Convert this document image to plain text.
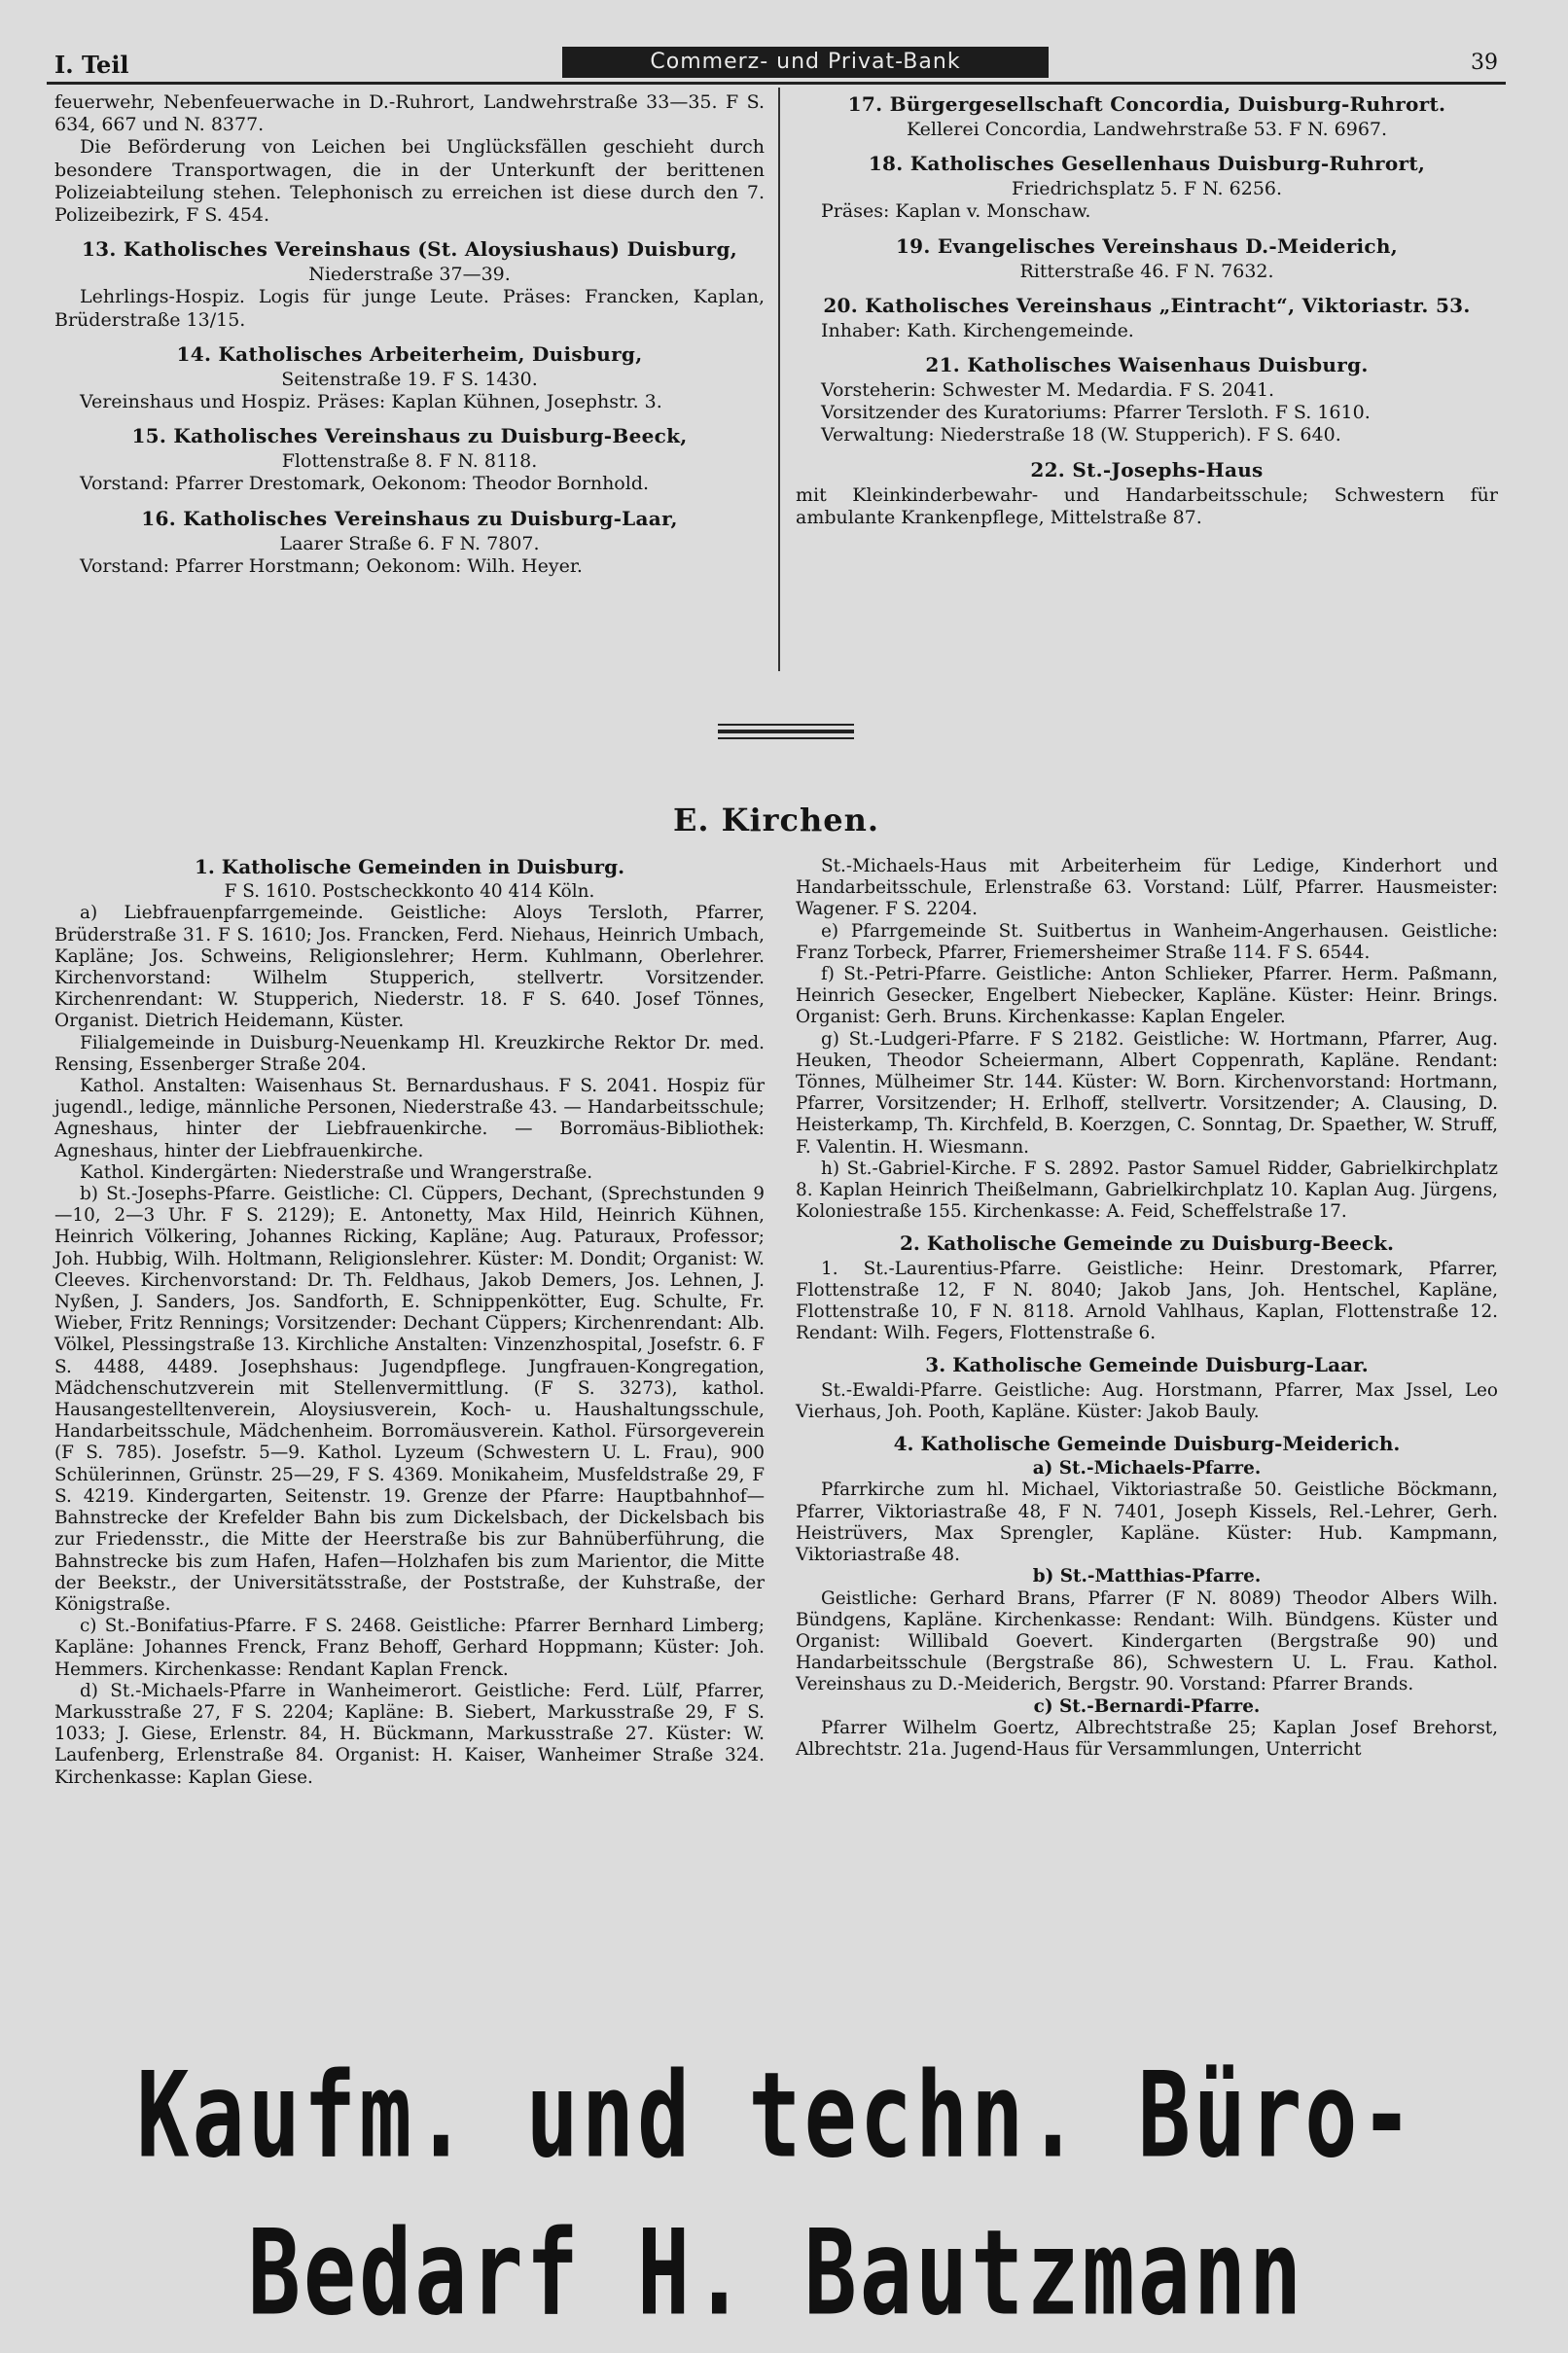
I. Teil	Commerz- und Privat-Bank	39

feuerwehr, Nebenfeuerwache in D.-Ruhrort, Landwehrstraße 33—35. F S. 634, 667 und N. 8377.

Die Beförderung von Leichen bei Unglücksfällen geschieht durch besondere Transportwagen, die in der Unterkunft der berittenen Polizeiabteilung stehen. Telephonisch zu erreichen ist diese durch den 7. Polizeibezirk, F S. 454.

13. Katholisches Vereinshaus (St. Aloysiushaus) Duisburg,
Niederstraße 37—39.

Lehrlings-Hospiz. Logis für junge Leute. Präses: Francken, Kaplan, Brüderstraße 13/15.

14. Katholisches Arbeiterheim, Duisburg,
Seitenstraße 19. F S. 1430.

Vereinshaus und Hospiz. Präses: Kaplan Kühnen, Josephstr. 3.

15. Katholisches Vereinshaus zu Duisburg-Beeck,
Flottenstraße 8. F N. 8118.

Vorstand: Pfarrer Drestomark, Oekonom: Theodor Bornhold.

16. Katholisches Vereinshaus zu Duisburg-Laar,
Laarer Straße 6. F N. 7807.

Vorstand: Pfarrer Horstmann; Oekonom: Wilh. Heyer.

17. Bürgergesellschaft Concordia, Duisburg-Ruhrort.
Kellerei Concordia, Landwehrstraße 53. F N. 6967.
18. Katholisches Gesellenhaus Duisburg-Ruhrort,
Friedrichsplatz 5. F N. 6256.

Präses: Kaplan v. Monschaw.

19. Evangelisches Vereinshaus D.-Meiderich,
Ritterstraße 46. F N. 7632.
20. Katholisches Vereinshaus „Eintracht“, Viktoriastr. 53.

Inhaber: Kath. Kirchengemeinde.

21. Katholisches Waisenhaus Duisburg.

Vorsteherin: Schwester M. Medardia. F S. 2041.

Vorsitzender des Kuratoriums: Pfarrer Tersloth. F S. 1610.

Verwaltung: Niederstraße 18 (W. Stupperich). F S. 640.

22. St.-Josephs-Haus

mit Kleinkinderbewahr- und Handarbeitsschule; Schwestern für ambulante Krankenpflege, Mittelstraße 87.

E. Kirchen.
1. Katholische Gemeinden in Duisburg.
F S. 1610. Postscheckkonto 40 414 Köln.

a) Liebfrauenpfarrgemeinde. Geistliche: Aloys Tersloth, Pfarrer, Brüderstraße 31. F S. 1610; Jos. Francken, Ferd. Niehaus, Heinrich Umbach, Kapläne; Jos. Schweins, Religionslehrer; Herm. Kuhlmann, Oberlehrer. Kirchenvorstand: Wilhelm Stupperich, stellvertr. Vorsitzender. Kirchenrendant: W. Stupperich, Niederstr. 18. F S. 640. Josef Tönnes, Organist. Dietrich Heidemann, Küster.

Filialgemeinde in Duisburg-Neuenkamp Hl. Kreuzkirche Rektor Dr. med. Rensing, Essenberger Straße 204.

Kathol. Anstalten: Waisenhaus St. Bernardushaus. F S. 2041. Hospiz für jugendl., ledige, männliche Personen, Niederstraße 43. — Handarbeitsschule; Agneshaus, hinter der Liebfrauenkirche. — Borromäus-Bibliothek: Agneshaus, hinter der Liebfrauenkirche.

Kathol. Kindergärten: Niederstraße und Wrangerstraße.

b) St.-Josephs-Pfarre. Geistliche: Cl. Cüppers, Dechant, (Sprechstunden 9—10, 2—3 Uhr. F S. 2129); E. Antonetty, Max Hild, Heinrich Kühnen, Heinrich Völkering, Johannes Ricking, Kapläne; Aug. Paturaux, Professor; Joh. Hubbig, Wilh. Holtmann, Religionslehrer. Küster: M. Dondit; Organist: W. Cleeves. Kirchenvorstand: Dr. Th. Feldhaus, Jakob Demers, Jos. Lehnen, J. Nyßen, J. Sanders, Jos. Sandforth, E. Schnippenkötter, Eug. Schulte, Fr. Wieber, Fritz Rennings; Vorsitzender: Dechant Cüppers; Kirchenrendant: Alb. Völkel, Plessingstraße 13. Kirchliche Anstalten: Vinzenzhospital, Josefstr. 6. F S. 4488, 4489. Josephshaus: Jugendpflege. Jungfrauen-Kongregation, Mädchenschutzverein mit Stellenvermittlung. (F S. 3273), kathol. Hausangestelltenverein, Aloysiusverein, Koch- u. Haushaltungsschule, Handarbeitsschule, Mädchenheim. Borromäusverein. Kathol. Fürsorgeverein (F S. 785). Josefstr. 5—9. Kathol. Lyzeum (Schwestern U. L. Frau), 900 Schülerinnen, Grünstr. 25—29, F S. 4369. Monikaheim, Musfeldstraße 29, F S. 4219. Kindergarten, Seitenstr. 19. Grenze der Pfarre: Hauptbahnhof—Bahnstrecke der Krefelder Bahn bis zum Dickelsbach, der Dickelsbach bis zur Friedensstr., die Mitte der Heerstraße bis zur Bahnüberführung, die Bahnstrecke bis zum Hafen, Hafen—Holzhafen bis zum Marientor, die Mitte der Beekstr., der Universitätsstraße, der Poststraße, der Kuhstraße, der Königstraße.

c) St.-Bonifatius-Pfarre. F S. 2468. Geistliche: Pfarrer Bernhard Limberg; Kapläne: Johannes Frenck, Franz Behoff, Gerhard Hoppmann; Küster: Joh. Hemmers. Kirchenkasse: Rendant Kaplan Frenck.

d) St.-Michaels-Pfarre in Wanheimerort. Geistliche: Ferd. Lülf, Pfarrer, Markusstraße 27, F S. 2204; Kapläne: B. Siebert, Markusstraße 29, F S. 1033; J. Giese, Erlenstr. 84, H. Bückmann, Markusstraße 27. Küster: W. Laufenberg, Erlenstraße 84. Organist: H. Kaiser, Wanheimer Straße 324. Kirchenkasse: Kaplan Giese.

St.-Michaels-Haus mit Arbeiterheim für Ledige, Kinderhort und Handarbeitsschule, Erlenstraße 63. Vorstand: Lülf, Pfarrer. Hausmeister: Wagener. F S. 2204.

e) Pfarrgemeinde St. Suitbertus in Wanheim-Angerhausen. Geistliche: Franz Torbeck, Pfarrer, Friemersheimer Straße 114. F S. 6544.

f) St.-Petri-Pfarre. Geistliche: Anton Schlieker, Pfarrer. Herm. Paßmann, Heinrich Gesecker, Engelbert Niebecker, Kapläne. Küster: Heinr. Brings. Organist: Gerh. Bruns. Kirchenkasse: Kaplan Engeler.

g) St.-Ludgeri-Pfarre. F S 2182. Geistliche: W. Hortmann, Pfarrer, Aug. Heuken, Theodor Scheiermann, Albert Coppenrath, Kapläne. Rendant: Tönnes, Mülheimer Str. 144. Küster: W. Born. Kirchenvorstand: Hortmann, Pfarrer, Vorsitzender; H. Erlhoff, stellvertr. Vorsitzender; A. Clausing, D. Heisterkamp, Th. Kirchfeld, B. Koerzgen, C. Sonntag, Dr. Spaether, W. Struff, F. Valentin. H. Wiesmann.

h) St.-Gabriel-Kirche. F S. 2892. Pastor Samuel Ridder, Gabrielkirchplatz 8. Kaplan Heinrich Theißelmann, Gabrielkirchplatz 10. Kaplan Aug. Jürgens, Koloniestraße 155. Kirchenkasse: A. Feid, Scheffelstraße 17.

2. Katholische Gemeinde zu Duisburg-Beeck.

1. St.-Laurentius-Pfarre. Geistliche: Heinr. Drestomark, Pfarrer, Flottenstraße 12, F N. 8040; Jakob Jans, Joh. Hentschel, Kapläne, Flottenstraße 10, F N. 8118. Arnold Vahlhaus, Kaplan, Flottenstraße 12. Rendant: Wilh. Fegers, Flottenstraße 6.

3. Katholische Gemeinde Duisburg-Laar.

St.-Ewaldi-Pfarre. Geistliche: Aug. Horstmann, Pfarrer, Max Jssel, Leo Vierhaus, Joh. Pooth, Kapläne. Küster: Jakob Bauly.

4. Katholische Gemeinde Duisburg-Meiderich.
a) St.-Michaels-Pfarre.

Pfarrkirche zum hl. Michael, Viktoriastraße 50. Geistliche Böckmann, Pfarrer, Viktoriastraße 48, F N. 7401, Joseph Kissels, Rel.-Lehrer, Gerh. Heistrüvers, Max Sprengler, Kapläne. Küster: Hub. Kampmann, Viktoriastraße 48.

b) St.-Matthias-Pfarre.

Geistliche: Gerhard Brans, Pfarrer (F N. 8089) Theodor Albers Wilh. Bündgens, Kapläne. Kirchenkasse: Rendant: Wilh. Bündgens. Küster und Organist: Willibald Goevert. Kindergarten (Bergstraße 90) und Handarbeitsschule (Bergstraße 86), Schwestern U. L. Frau. Kathol. Vereinshaus zu D.-Meiderich, Bergstr. 90. Vorstand: Pfarrer Brands.

c) St.-Bernardi-Pfarre.

Pfarrer Wilhelm Goertz, Albrechtstraße 25; Kaplan Josef Brehorst, Albrechtstr. 21a. Jugend-Haus für Versammlungen, Unterricht

Kaufm. und techn. Büro-Bedarf H. Bautzmann
